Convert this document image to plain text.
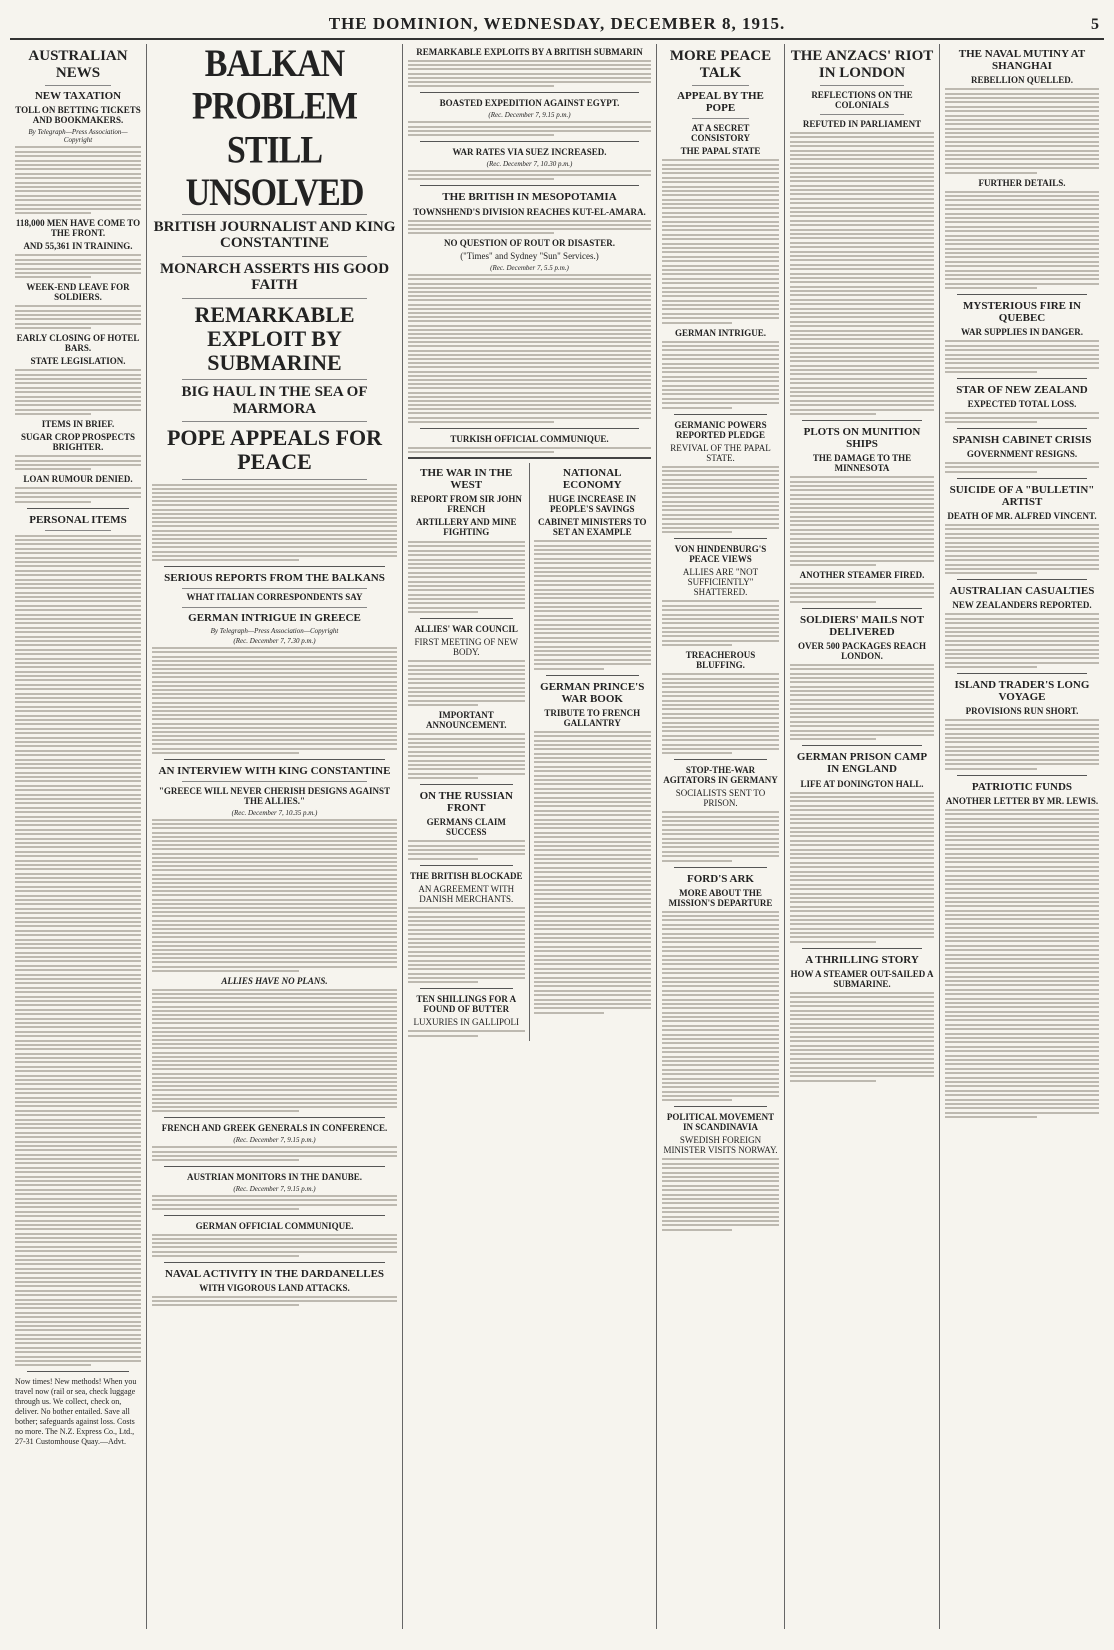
THE DOMINION, WEDNESDAY, DECEMBER 8, 1915.	5
AUSTRALIAN NEWS
NEW TAXATION
TOLL ON BETTING TICKETS AND BOOKMAKERS.
By Telegraph—Press Association—Copyright
118,000 MEN HAVE COME TO THE FRONT.
AND 55,361 IN TRAINING.
WEEK-END LEAVE FOR SOLDIERS.
EARLY CLOSING OF HOTEL BARS.
STATE LEGISLATION.
ITEMS IN BRIEF.
SUGAR CROP PROSPECTS BRIGHTER.
LOAN RUMOUR DENIED.
PERSONAL ITEMS
Now times! New methods! When you travel now (rail or sea, check luggage through us. We collect, check on, deliver. No bother entailed. Save all bother; safeguards against loss. Costs no more. The N.Z. Express Co., Ltd., 27-31 Customhouse Quay.—Advt.
BALKAN PROBLEM STILL UNSOLVED
BRITISH JOURNALIST AND KING CONSTANTINE
MONARCH ASSERTS HIS GOOD FAITH
REMARKABLE EXPLOIT BY SUBMARINE
BIG HAUL IN THE SEA OF MARMORA
POPE APPEALS FOR PEACE
SERIOUS REPORTS FROM THE BALKANS
WHAT ITALIAN CORRESPONDENTS SAY
GERMAN INTRIGUE IN GREECE
By Telegraph—Press Association—Copyright
(Rec. December 7, 7.30 p.m.)
AN INTERVIEW WITH KING CONSTANTINE
"GREECE WILL NEVER CHERISH DESIGNS AGAINST THE ALLIES."
(Rec. December 7, 10.35 p.m.)
ALLIES HAVE NO PLANS.
FRENCH AND GREEK GENERALS IN CONFERENCE.
(Rec. December 7, 9.15 p.m.)
AUSTRIAN MONITORS IN THE DANUBE.
(Rec. December 7, 9.15 p.m.)
GERMAN OFFICIAL COMMUNIQUE.
NAVAL ACTIVITY IN THE DARDANELLES
WITH VIGOROUS LAND ATTACKS.
REMARKABLE EXPLOITS BY A BRITISH SUBMARIN
BOASTED EXPEDITION AGAINST EGYPT.
(Rec. December 7, 9.15 p.m.)
WAR RATES VIA SUEZ INCREASED.
(Rec. December 7, 10.30 p.m.)
THE BRITISH IN MESOPOTAMIA
TOWNSHEND'S DIVISION REACHES KUT-EL-AMARA.
NO QUESTION OF ROUT OR DISASTER.
("Times" and Sydney "Sun" Services.)
(Rec. December 7, 5.5 p.m.)
TURKISH OFFICIAL COMMUNIQUE.
THE WAR IN THE WEST
REPORT FROM SIR JOHN FRENCH
ARTILLERY AND MINE FIGHTING
ALLIES' WAR COUNCIL
FIRST MEETING OF NEW BODY.
IMPORTANT ANNOUNCEMENT.
ON THE RUSSIAN FRONT
GERMANS CLAIM SUCCESS
THE BRITISH BLOCKADE
AN AGREEMENT WITH DANISH MERCHANTS.
TEN SHILLINGS FOR A FOUND OF BUTTER
LUXURIES IN GALLIPOLI
NATIONAL ECONOMY
HUGE INCREASE IN PEOPLE'S SAVINGS
CABINET MINISTERS TO SET AN EXAMPLE
GERMAN PRINCE'S WAR BOOK
TRIBUTE TO FRENCH GALLANTRY
MORE PEACE TALK
APPEAL BY THE POPE
AT A SECRET CONSISTORY
THE PAPAL STATE
GERMAN INTRIGUE.
GERMANIC POWERS REPORTED PLEDGE
REVIVAL OF THE PAPAL STATE.
VON HINDENBURG'S PEACE VIEWS
ALLIES ARE "NOT SUFFICIENTLY" SHATTERED.
TREACHEROUS BLUFFING.
STOP-THE-WAR AGITATORS IN GERMANY
SOCIALISTS SENT TO PRISON.
FORD'S ARK
MORE ABOUT THE MISSION'S DEPARTURE
POLITICAL MOVEMENT IN SCANDINAVIA
SWEDISH FOREIGN MINISTER VISITS NORWAY.
THE ANZACS' RIOT IN LONDON
REFLECTIONS ON THE COLONIALS
REFUTED IN PARLIAMENT
PLOTS ON MUNITION SHIPS
THE DAMAGE TO THE MINNESOTA
ANOTHER STEAMER FIRED.
SOLDIERS' MAILS NOT DELIVERED
OVER 500 PACKAGES REACH LONDON.
GERMAN PRISON CAMP IN ENGLAND
LIFE AT DONINGTON HALL.
A THRILLING STORY
HOW A STEAMER OUT-SAILED A SUBMARINE.
THE NAVAL MUTINY AT SHANGHAI
REBELLION QUELLED.
FURTHER DETAILS.
MYSTERIOUS FIRE IN QUEBEC
WAR SUPPLIES IN DANGER.
STAR OF NEW ZEALAND
EXPECTED TOTAL LOSS.
SPANISH CABINET CRISIS
GOVERNMENT RESIGNS.
SUICIDE OF A "BULLETIN" ARTIST
DEATH OF MR. ALFRED VINCENT.
AUSTRALIAN CASUALTIES
NEW ZEALANDERS REPORTED.
ISLAND TRADER'S LONG VOYAGE
PROVISIONS RUN SHORT.
PATRIOTIC FUNDS
ANOTHER LETTER BY MR. LEWIS.
